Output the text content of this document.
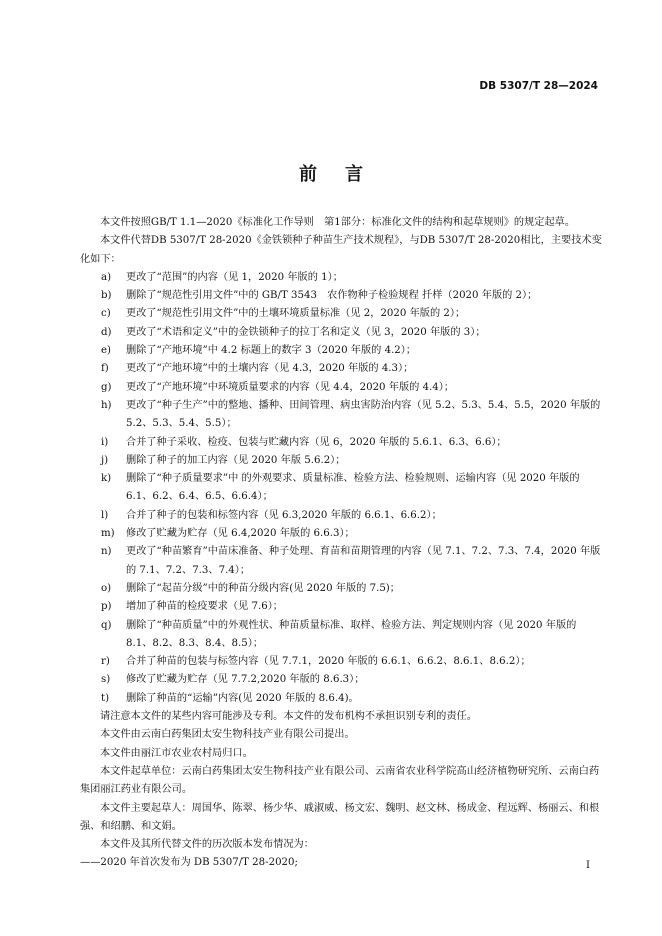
DB 5307/T 28—2024
前言

本文件按照GB/T 1.1—2020《标准化工作导则　第1部分：标准化文件的结构和起草规则》的规定起草。

本文件代替DB 5307/T 28-2020《金铁锁种子种苗生产技术规程》，与DB 5307/T 28-2020相比，主要技术变化如下：

a)	更改了“范围”的内容（见 1，2020 年版的 1）；
b)	删除了“规范性引用文件”中的 GB/T 3543　农作物种子检验规程 扦样（2020 年版的 2）；
c)	更改了“规范性引用文件”中的土壤环境质量标准（见 2，2020 年版的 2）；
d)	更改了“术语和定义”中的金铁锁种子的拉丁名和定义（见 3，2020 年版的 3）；
e)	删除了“产地环境”中 4.2 标题上的数字 3（2020 年版的 4.2）；
f)	更改了“产地环境”中的土壤内容（见 4.3，2020 年版的 4.3）；
g)	更改了“产地环境”中环境质量要求的内容（见 4.4，2020 年版的 4.4）；
h)	更改了“种子生产”中的整地、播种、田间管理、病虫害防治内容（见 5.2、5.3、5.4、5.5，2020 年版的 5.2、5.3、5.4、5.5）；
i)	合并了种子采收、检疫、包装与贮藏内容（见 6，2020 年版的 5.6.1、6.3、6.6）；
j)	删除了种子的加工内容（见 2020 年版 5.6.2）；
k)	删除了“种子质量要求”中 的外观要求、质量标准、检验方法、检验规则、运输内容（见 2020 年版的 6.1、6.2、6.4、6.5、6.6.4）；
l)	合并了种子的包装和标签内容（见 6.3,2020 年版的 6.6.1、6.6.2）；
m)	修改了贮藏为贮存（见 6.4,2020 年版的 6.6.3）；
n)	更改了“种苗繁育”中苗床准备、种子处理、育苗和苗期管理的内容（见 7.1、7.2、7.3、7.4，2020 年版的 7.1、7.2、7.3、7.4）；
o)	删除了“起苗分级”中的种苗分级内容(见 2020 年版的 7.5)；
p)	增加了种苗的检疫要求（见 7.6）；
q)	删除了“种苗质量”中的外观性状、种苗质量标准、取样、检验方法、判定规则内容（见 2020 年版的 8.1、8.2、8.3、8.4、8.5）；
r)	合并了种苗的包装与标签内容（见 7.7.1，2020 年版的 6.6.1、6.6.2、8.6.1、8.6.2）；
s)	修改了贮藏为贮存（见 7.7.2,2020 年版的 8.6.3）；
t)	删除了种苗的“运输”内容(见 2020 年版的 8.6.4)。

请注意本文件的某些内容可能涉及专利。本文件的发布机构不承担识别专利的责任。

本文件由云南白药集团太安生物科技产业有限公司提出。

本文件由丽江市农业农村局归口。

本文件起草单位：云南白药集团太安生物科技产业有限公司、云南省农业科学院高山经济植物研究所、云南白药集团丽江药业有限公司。

本文件主要起草人：周国华、陈翠、杨少华、戚淑威、杨文宏、魏明、赵文林、杨成金、程远辉、杨丽云、和根强、和绍鹏、和文娟。

本文件及其所代替文件的历次版本发布情况为：

——2020 年首次发布为 DB 5307/T 28-2020;	I
